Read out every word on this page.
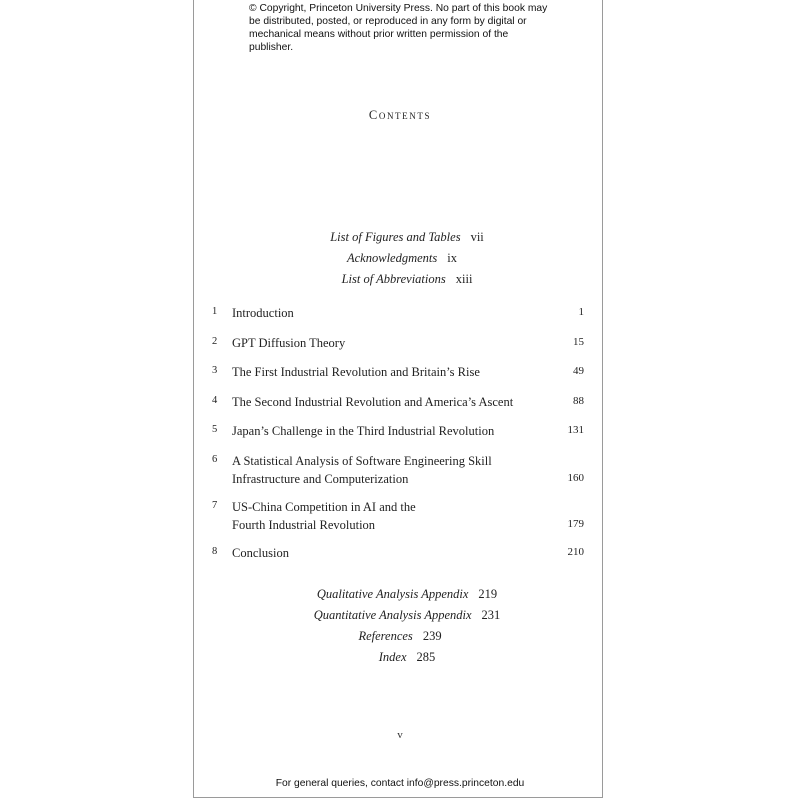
© Copyright, Princeton University Press. No part of this book may be distributed, posted, or reproduced in any form by digital or mechanical means without prior written permission of the publisher.
Contents
List of Figures and Tables vii
Acknowledgments ix
List of Abbreviations xiii
1	Introduction	1
2	GPT Diffusion Theory	15
3	The First Industrial Revolution and Britain’s Rise	49
4	The Second Industrial Revolution and America’s Ascent	88
5	Japan’s Challenge in the Third Industrial Revolution	131
6	A Statistical Analysis of Software Engineering Skill Infrastructure and Computerization	160
7	US-China Competition in AI and the Fourth Industrial Revolution	179
8	Conclusion	210
Qualitative Analysis Appendix 219
Quantitative Analysis Appendix 231
References 239
Index 285
v
For general queries, contact info@press.princeton.edu
